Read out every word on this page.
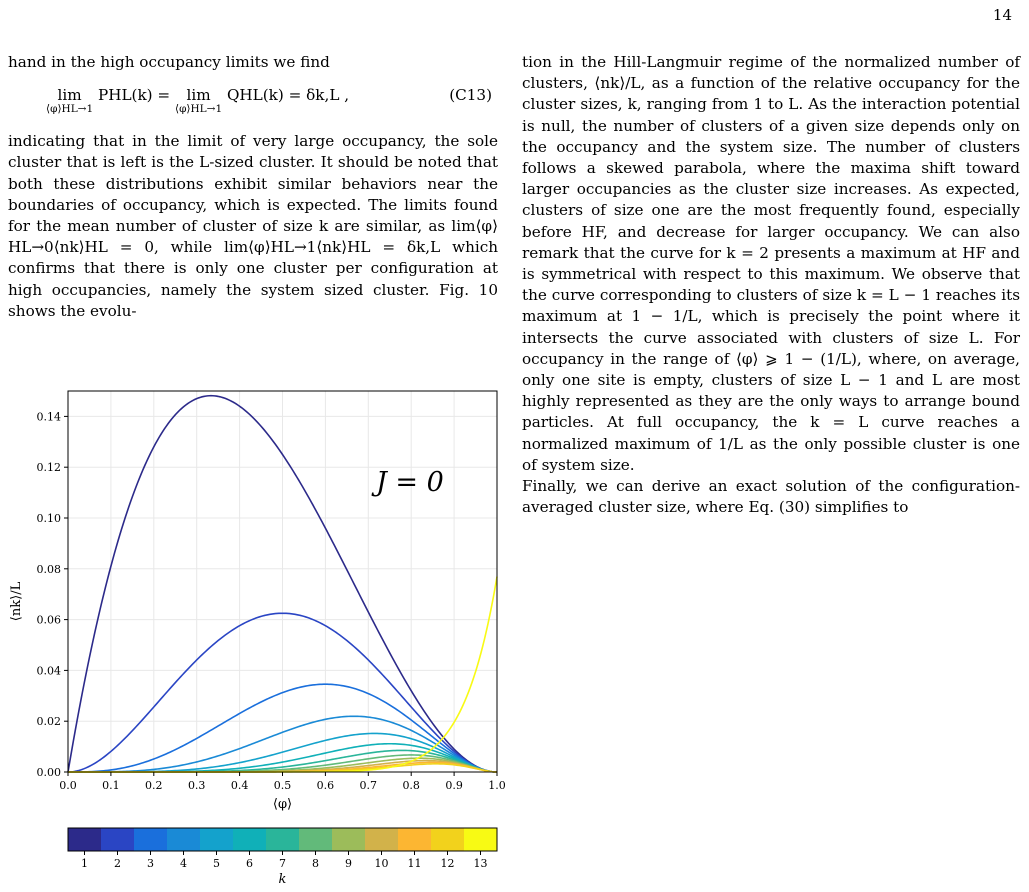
14

hand in the high occupancy limits we find

lim
⟨φ⟩HL→1
PHL(k) = lim
⟨φ⟩HL→1
QHL(k) = δk,L ,	(C13)

indicating that in the limit of very large occupancy, the sole cluster that is left is the L-sized cluster. It should be noted that both these distributions exhibit similar behaviors near the boundaries of occupancy, which is expected. The limits found for the mean number of cluster of size k are similar, as lim⟨φ⟩HL→0⟨nk⟩HL = 0, while lim⟨φ⟩HL→1⟨nk⟩HL = δk,L which confirms that there is only one cluster per configuration at high occupancies, namely the system sized cluster. Fig. 10 shows the evolu-

tion in the Hill-Langmuir regime of the normalized number of clusters, ⟨nk⟩/L, as a function of the relative occupancy for the cluster sizes, k, ranging from 1 to L. As the interaction potential is null, the number of clusters of a given size depends only on the occupancy and the system size. The number of clusters follows a skewed parabola, where the maxima shift toward larger occupancies as the cluster size increases. As expected, clusters of size one are the most frequently found, especially before HF, and decrease for larger occupancy. We can also remark that the curve for k = 2 presents a maximum at HF and is symmetrical with respect to this maximum. We observe that the curve corresponding to clusters of size k = L − 1 reaches its maximum at 1 − 1/L, which is precisely the point where it intersects the curve associated with clusters of size L. For occupancy in the range of ⟨φ⟩ ⩾ 1 − (1/L), where, on average, only one site is empty, clusters of size L − 1 and L are most highly represented as they are the only ways to arrange bound particles. At full occupancy, the k = L curve reaches a normalized maximum of 1/L as the only possible cluster is one of system size.

Finally, we can derive an exact solution of the configuration-averaged cluster size, where Eq. (30) simplifies to

0.0 0.1 0.2 0.3 0.4 0.5 0.6 0.7 0.8 0.9 1.0
0.00
0.02
0.04
0.06
0.08
0.10
0.12
0.14
J = 0
⟨φ⟩
⟨nk⟩/L
1 2 3 4 5 6 7 8 9 10 11 12 13
k
